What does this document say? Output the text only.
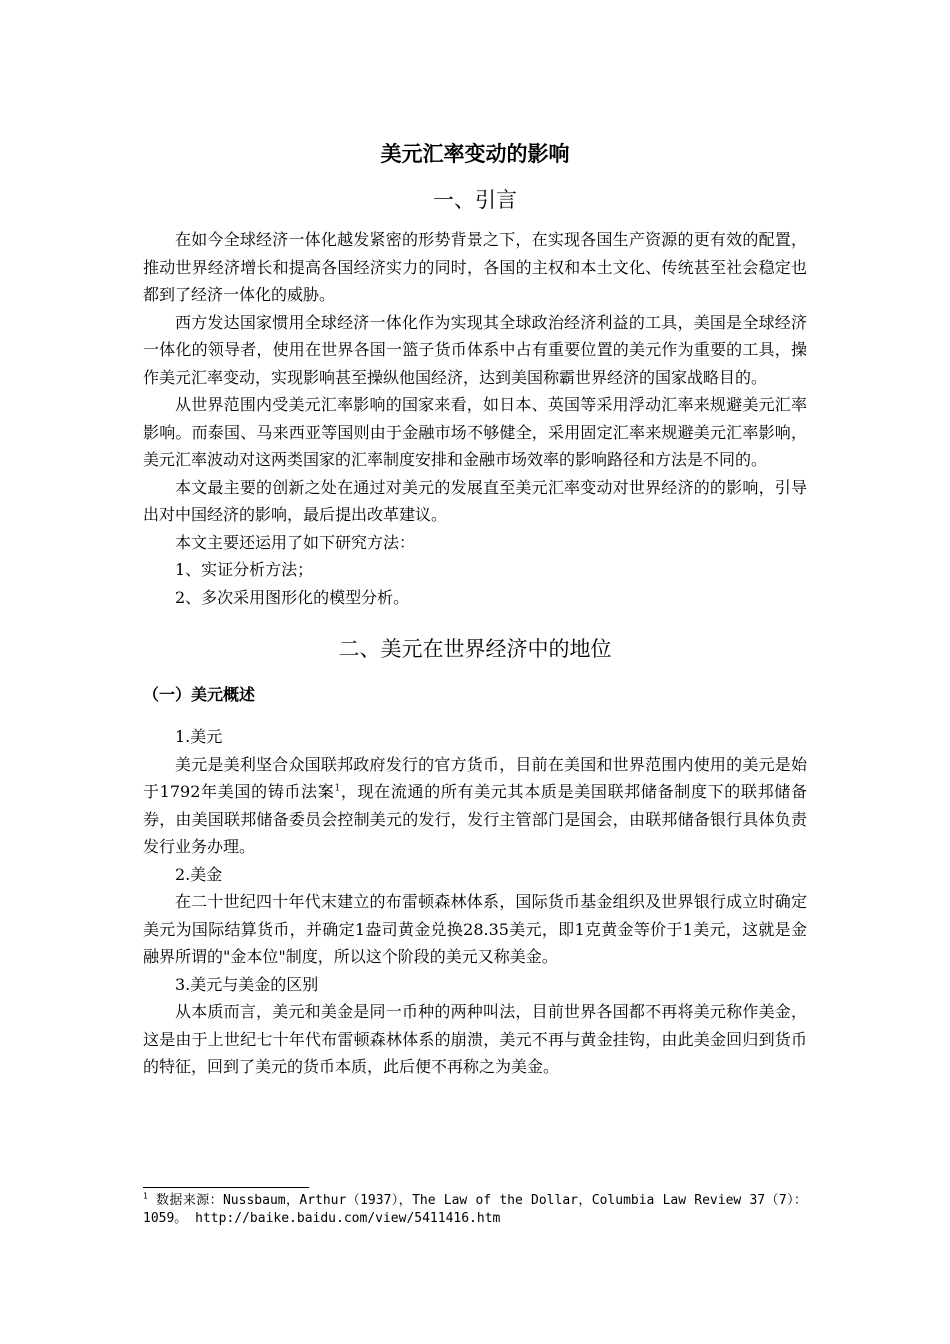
美元汇率变动的影响
一、引言

在如今全球经济一体化越发紧密的形势背景之下，在实现各国生产资源的更有效的配置，推动世界经济增长和提高各国经济实力的同时，各国的主权和本土文化、传统甚至社会稳定也都到了经济一体化的威胁。

西方发达国家惯用全球经济一体化作为实现其全球政治经济利益的工具，美国是全球经济一体化的领导者，使用在世界各国一篮子货币体系中占有重要位置的美元作为重要的工具，操作美元汇率变动，实现影响甚至操纵他国经济，达到美国称霸世界经济的国家战略目的。

从世界范围内受美元汇率影响的国家来看，如日本、英国等采用浮动汇率来规避美元汇率影响。而泰国、马来西亚等国则由于金融市场不够健全，采用固定汇率来规避美元汇率影响，美元汇率波动对这两类国家的汇率制度安排和金融市场效率的影响路径和方法是不同的。

本文最主要的创新之处在通过对美元的发展直至美元汇率变动对世界经济的的影响，引导出对中国经济的影响，最后提出改革建议。

本文主要还运用了如下研究方法：

1、实证分析方法；

2、多次采用图形化的模型分析。

二、美元在世界经济中的地位
（一）美元概述

1.美元

美元是美利坚合众国联邦政府发行的官方货币，目前在美国和世界范围内使用的美元是始于1792年美国的铸币法案$^1$，现在流通的所有美元其本质是美国联邦储备制度下的联邦储备券，由美国联邦储备委员会控制美元的发行，发行主管部门是国会，由联邦储备银行具体负责发行业务办理。

2.美金

在二十世纪四十年代末建立的布雷顿森林体系，国际货币基金组织及世界银行成立时确定美元为国际结算货币，并确定1盎司黄金兑换28.35美元，即1克黄金等价于1美元，这就是金融界所谓的"金本位"制度，所以这个阶段的美元又称美金。

3.美元与美金的区别

从本质而言，美元和美金是同一币种的两种叫法，目前世界各国都不再将美元称作美金，这是由于上世纪七十年代布雷顿森林体系的崩溃，美元不再与黄金挂钩，由此美金回归到货币的特征，回到了美元的货币本质，此后便不再称之为美金。

$^1$ 数据来源：Nussbaum，Arthur（1937），The Law of the Dollar，Columbia Law Review 37（7）：1059。 http://baike.baidu.com/view/5411416.htm
